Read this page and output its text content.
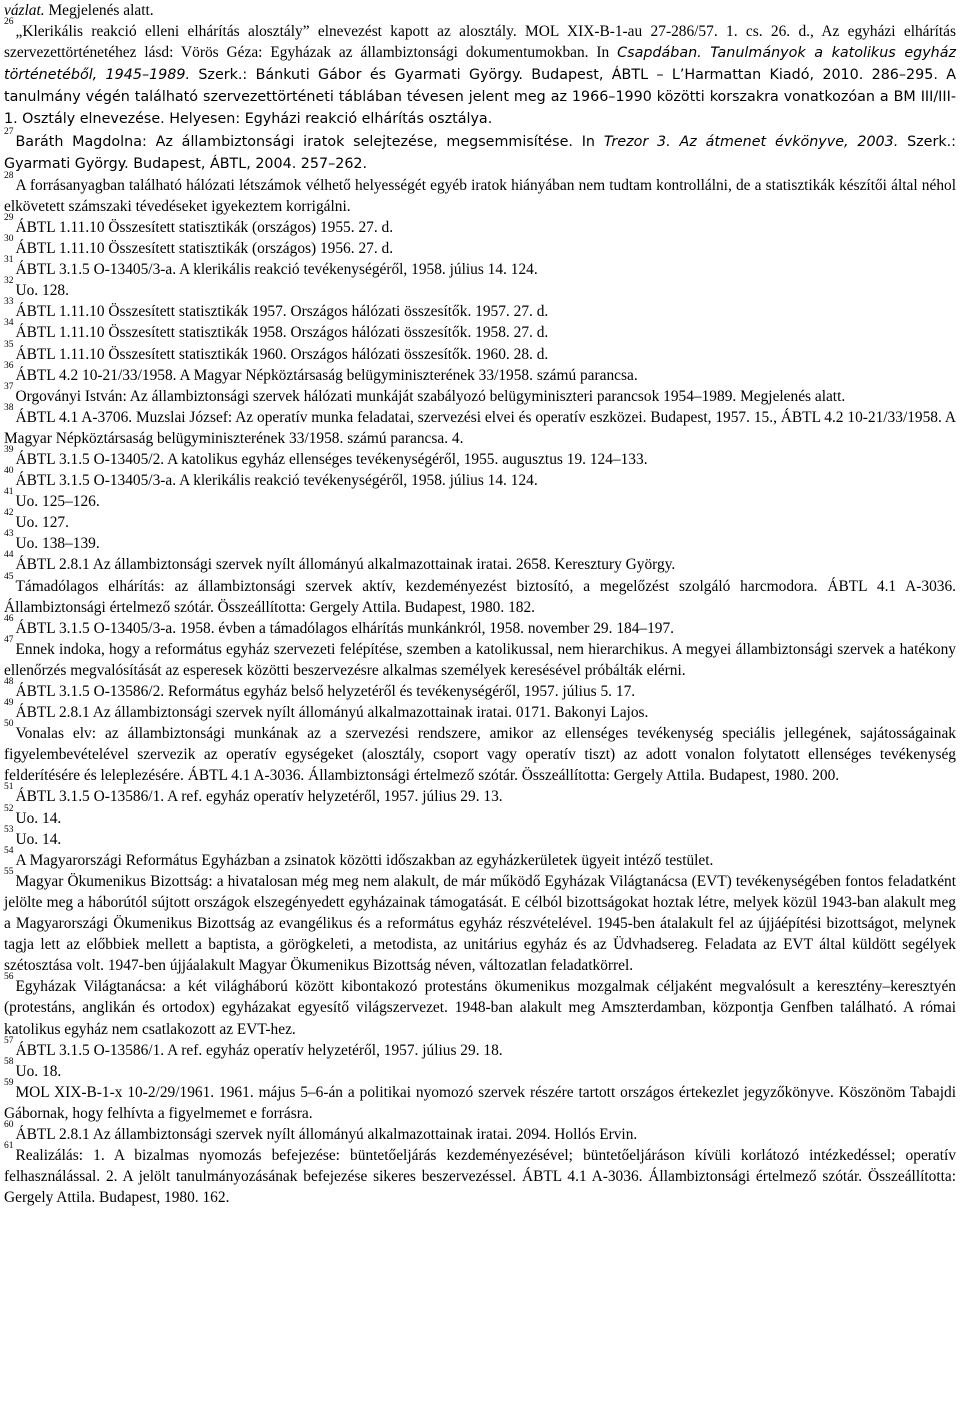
vázlat. Megjelenés alatt.

$^{26}$„Klerikális reakció elleni elhárítás alosztály” elnevezést kapott az alosztály. MOL XIX-B-1-au 27-286/57. 1. cs. 26. d., Az egyházi elhárítás szervezettörténetéhez lásd: Vörös Géza: Egyházak az állambiztonsági dokumentumokban. In Csapdában. Tanulmányok a katolikus egyház történetéből, 1945–1989. Szerk.: Bánkuti Gábor és Gyarmati György. Budapest, ÁBTL – L’Harmattan Kiadó, 2010. 286–295. A tanulmány végén található szervezettörténeti táblában tévesen jelent meg az 1966–1990 közötti korszakra vonatkozóan a BM III/III-1. Osztály elnevezése. Helyesen: Egyházi reakció elhárítás osztálya.

$^{27}$Baráth Magdolna: Az állambiztonsági iratok selejtezése, megsemmisítése. In Trezor 3. Az átmenet évkönyve, 2003. Szerk.: Gyarmati György. Budapest, ÁBTL, 2004. 257–262.

$^{28}$A forrásanyagban található hálózati létszámok vélhető helyességét egyéb iratok hiányában nem tudtam kontrollálni, de a statisztikák készítői által néhol elkövetett számszaki tévedéseket igyekeztem korrigálni.

$^{29}$ÁBTL 1.11.10 Összesített statisztikák (országos) 1955. 27. d.

$^{30}$ÁBTL 1.11.10 Összesített statisztikák (országos) 1956. 27. d.

$^{31}$ÁBTL 3.1.5 O-13405/3-a. A klerikális reakció tevékenységéről, 1958. július 14. 124.

$^{32}$Uo. 128.

$^{33}$ÁBTL 1.11.10 Összesített statisztikák 1957. Országos hálózati összesítők. 1957. 27. d.

$^{34}$ÁBTL 1.11.10 Összesített statisztikák 1958. Országos hálózati összesítők. 1958. 27. d.

$^{35}$ÁBTL 1.11.10 Összesített statisztikák 1960. Országos hálózati összesítők. 1960. 28. d.

$^{36}$ÁBTL 4.2 10-21/33/1958. A Magyar Népköztársaság belügyminiszterének 33/1958. számú parancsa.

$^{37}$Orgoványi István: Az állambiztonsági szervek hálózati munkáját szabályozó belügyminiszteri parancsok 1954–1989. Megjelenés alatt.

$^{38}$ÁBTL 4.1 A-3706. Muzslai József: Az operatív munka feladatai, szervezési elvei és operatív eszközei. Budapest, 1957. 15., ÁBTL 4.2 10-21/33/1958. A Magyar Népköztársaság belügyminiszterének 33/1958. számú parancsa. 4.

$^{39}$ÁBTL 3.1.5 O-13405/2. A katolikus egyház ellenséges tevékenységéről, 1955. augusztus 19. 124–133.

$^{40}$ÁBTL 3.1.5 O-13405/3-a. A klerikális reakció tevékenységéről, 1958. július 14. 124.

$^{41}$Uo. 125–126.

$^{42}$Uo. 127.

$^{43}$Uo. 138–139.

$^{44}$ÁBTL 2.8.1 Az állambiztonsági szervek nyílt állományú alkalmazottainak iratai. 2658. Keresztury György.

$^{45}$Támadólagos elhárítás: az állambiztonsági szervek aktív, kezdeményezést biztosító, a megelőzést szolgáló harcmodora. ÁBTL 4.1 A-3036. Állambiztonsági értelmező szótár. Összeállította: Gergely Attila. Budapest, 1980. 182.

$^{46}$ÁBTL 3.1.5 O-13405/3-a. 1958. évben a támadólagos elhárítás munkánkról, 1958. november 29. 184–197.

$^{47}$Ennek indoka, hogy a református egyház szervezeti felépítése, szemben a katolikussal, nem hierarchikus. A megyei állambiztonsági szervek a hatékony ellenőrzés megvalósítását az esperesek közötti beszervezésre alkalmas személyek keresésével próbálták elérni.

$^{48}$ÁBTL 3.1.5 O-13586/2. Református egyház belső helyzetéről és tevékenységéről, 1957. július 5. 17.

$^{49}$ÁBTL 2.8.1 Az állambiztonsági szervek nyílt állományú alkalmazottainak iratai. 0171. Bakonyi Lajos.

$^{50}$Vonalas elv: az állambiztonsági munkának az a szervezési rendszere, amikor az ellenséges tevékenység speciális jellegének, sajátosságainak figyelembevételével szervezik az operatív egységeket (alosztály, csoport vagy operatív tiszt) az adott vonalon folytatott ellenséges tevékenység felderítésére és leleplezésére. ÁBTL 4.1 A-3036. Állambiztonsági értelmező szótár. Összeállította: Gergely Attila. Budapest, 1980. 200.

$^{51}$ÁBTL 3.1.5 O-13586/1. A ref. egyház operatív helyzetéről, 1957. július 29. 13.

$^{52}$Uo. 14.

$^{53}$Uo. 14.

$^{54}$A Magyarországi Református Egyházban a zsinatok közötti időszakban az egyházkerületek ügyeit intéző testület.

$^{55}$Magyar Ökumenikus Bizottság: a hivatalosan még meg nem alakult, de már működő Egyházak Világtanácsa (EVT) tevékenységében fontos feladatként jelölte meg a háborútól sújtott országok elszegényedett egyházainak támogatását. E célból bizottságokat hoztak létre, melyek közül 1943-ban alakult meg a Magyarországi Ökumenikus Bizottság az evangélikus és a református egyház részvételével. 1945-ben átalakult fel az újjáépítési bizottságot, melynek tagja lett az előbbiek mellett a baptista, a görögkeleti, a metodista, az unitárius egyház és az Üdvhadsereg. Feladata az EVT által küldött segélyek szétosztása volt. 1947-ben újjáalakult Magyar Ökumenikus Bizottság néven, változatlan feladatkörrel.

$^{56}$Egyházak Világtanácsa: a két világháború között kibontakozó protestáns ökumenikus mozgalmak céljaként megvalósult a keresztény–keresztyén (protestáns, anglikán és ortodox) egyházakat egyesítő világszervezet. 1948-ban alakult meg Amszterdamban, központja Genfben található. A római katolikus egyház nem csatlakozott az EVT-hez.

$^{57}$ÁBTL 3.1.5 O-13586/1. A ref. egyház operatív helyzetéről, 1957. július 29. 18.

$^{58}$Uo. 18.

$^{59}$MOL XIX-B-1-x 10-2/29/1961. 1961. május 5–6-án a politikai nyomozó szervek részére tartott országos értekezlet jegyzőkönyve. Köszönöm Tabajdi Gábornak, hogy felhívta a figyelmemet e forrásra.

$^{60}$ÁBTL 2.8.1 Az állambiztonsági szervek nyílt állományú alkalmazottainak iratai. 2094. Hollós Ervin.

$^{61}$Realizálás: 1. A bizalmas nyomozás befejezése: büntetőeljárás kezdeményezésével; büntetőeljáráson kívüli korlátozó intézkedéssel; operatív felhasználással. 2. A jelölt tanulmányozásának befejezése sikeres beszervezéssel. ÁBTL 4.1 A-3036. Állambiztonsági értelmező szótár. Összeállította: Gergely Attila. Budapest, 1980. 162.
